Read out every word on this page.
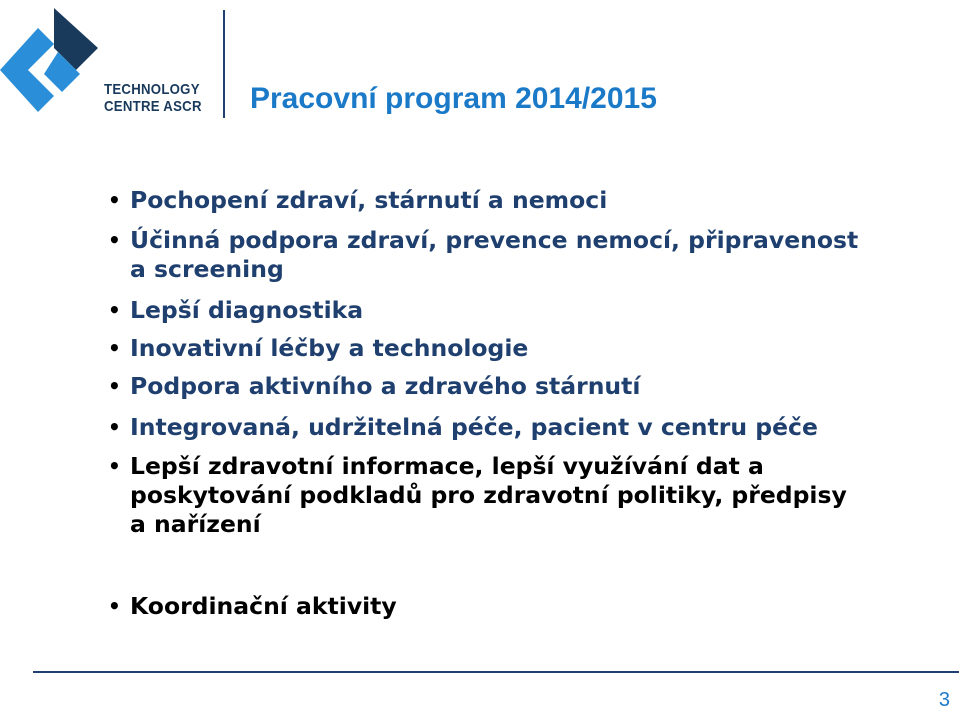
TECHNOLOGY
CENTRE ASCR Pracovní program 2014/2015
• Pochopení zdraví, stárnutí a nemoci
• Účinná podpora zdraví, prevence nemocí, připravenost
a screening
• Lepší diagnostika
• Inovativní léčby a technologie
• Podpora aktivního a zdravého stárnutí
• Integrovaná, udržitelná péče, pacient v centru péče
• Lepší zdravotní informace, lepší využívání dat a
poskytování podkladů pro zdravotní politiky, předpisy
a nařízení
• Koordinační aktivity
3
